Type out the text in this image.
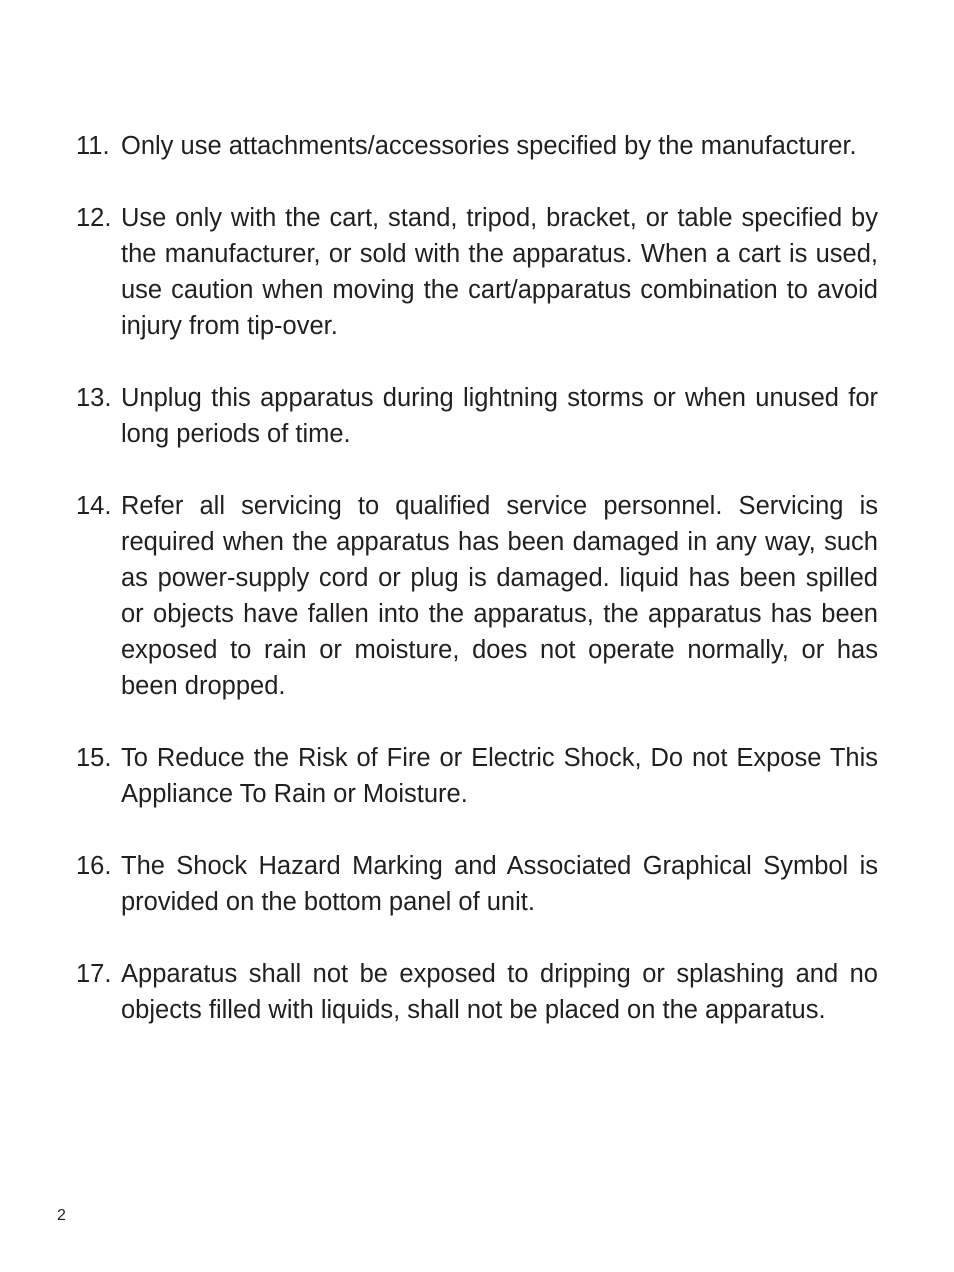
11. Only use attachments/accessories specified by the manufacturer.
12. Use only with the cart, stand, tripod, bracket, or table specified by the manufacturer, or sold with the apparatus. When a cart is used, use caution when moving the cart/apparatus combination to avoid injury from tip-over.
13. Unplug this apparatus during lightning storms or when unused for long periods of time.
14. Refer all servicing to qualified service personnel. Servicing is required when the apparatus has been damaged in any way, such as power-supply cord or plug is damaged. liquid has been spilled or objects have fallen into the apparatus, the apparatus has been exposed to rain or moisture, does not operate normally, or has been dropped.
15. To Reduce the Risk of Fire or Electric Shock, Do not Expose This Appliance To Rain or Moisture.
16. The Shock Hazard Marking and Associated Graphical Symbol is provided on the bottom panel of unit.
17. Apparatus shall not be exposed to dripping or splashing and no objects filled with liquids, shall not be placed on the apparatus.
2
